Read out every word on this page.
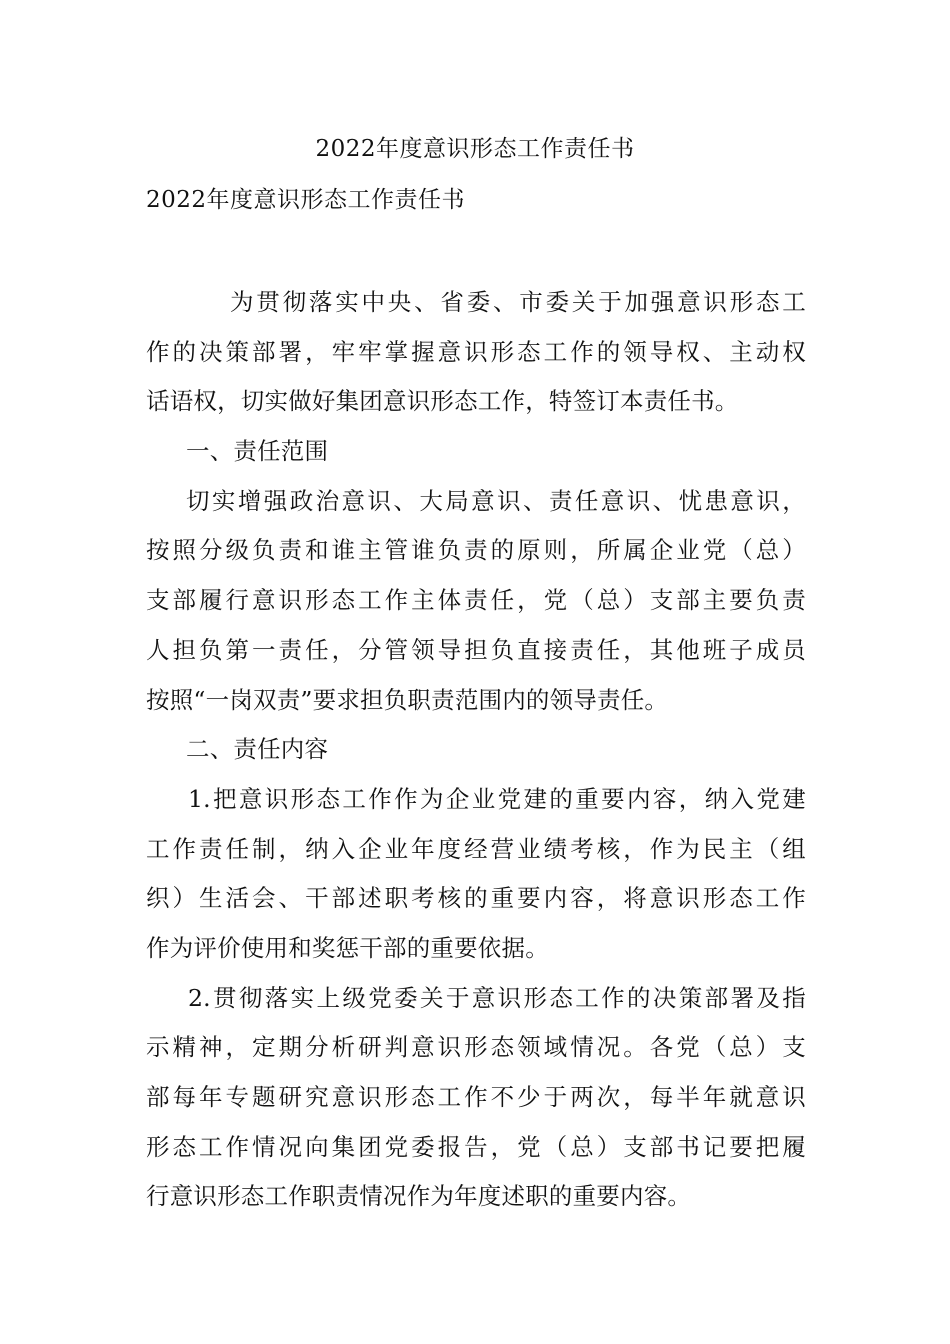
2022年度意识形态工作责任书
2022年度意识形态工作责任书
为贯彻落实中央、省委、市委关于加强意识形态工
作的决策部署，牢牢掌握意识形态工作的领导权、主动权
话语权，切实做好集团意识形态工作，特签订本责任书。
一、责任范围
切实增强政治意识、大局意识、责任意识、忧患意识，
按照分级负责和谁主管谁负责的原则，所属企业党（总）
支部履行意识形态工作主体责任，党（总）支部主要负责
人担负第一责任，分管领导担负直接责任，其他班子成员
按照“一岗双责”要求担负职责范围内的领导责任。
二、责任内容
1.把意识形态工作作为企业党建的重要内容，纳入党建
工作责任制，纳入企业年度经营业绩考核，作为民主（组
织）生活会、干部述职考核的重要内容，将意识形态工作
作为评价使用和奖惩干部的重要依据。
2.贯彻落实上级党委关于意识形态工作的决策部署及指
示精神，定期分析研判意识形态领域情况。各党（总）支
部每年专题研究意识形态工作不少于两次，每半年就意识
形态工作情况向集团党委报告，党（总）支部书记要把履
行意识形态工作职责情况作为年度述职的重要内容。
